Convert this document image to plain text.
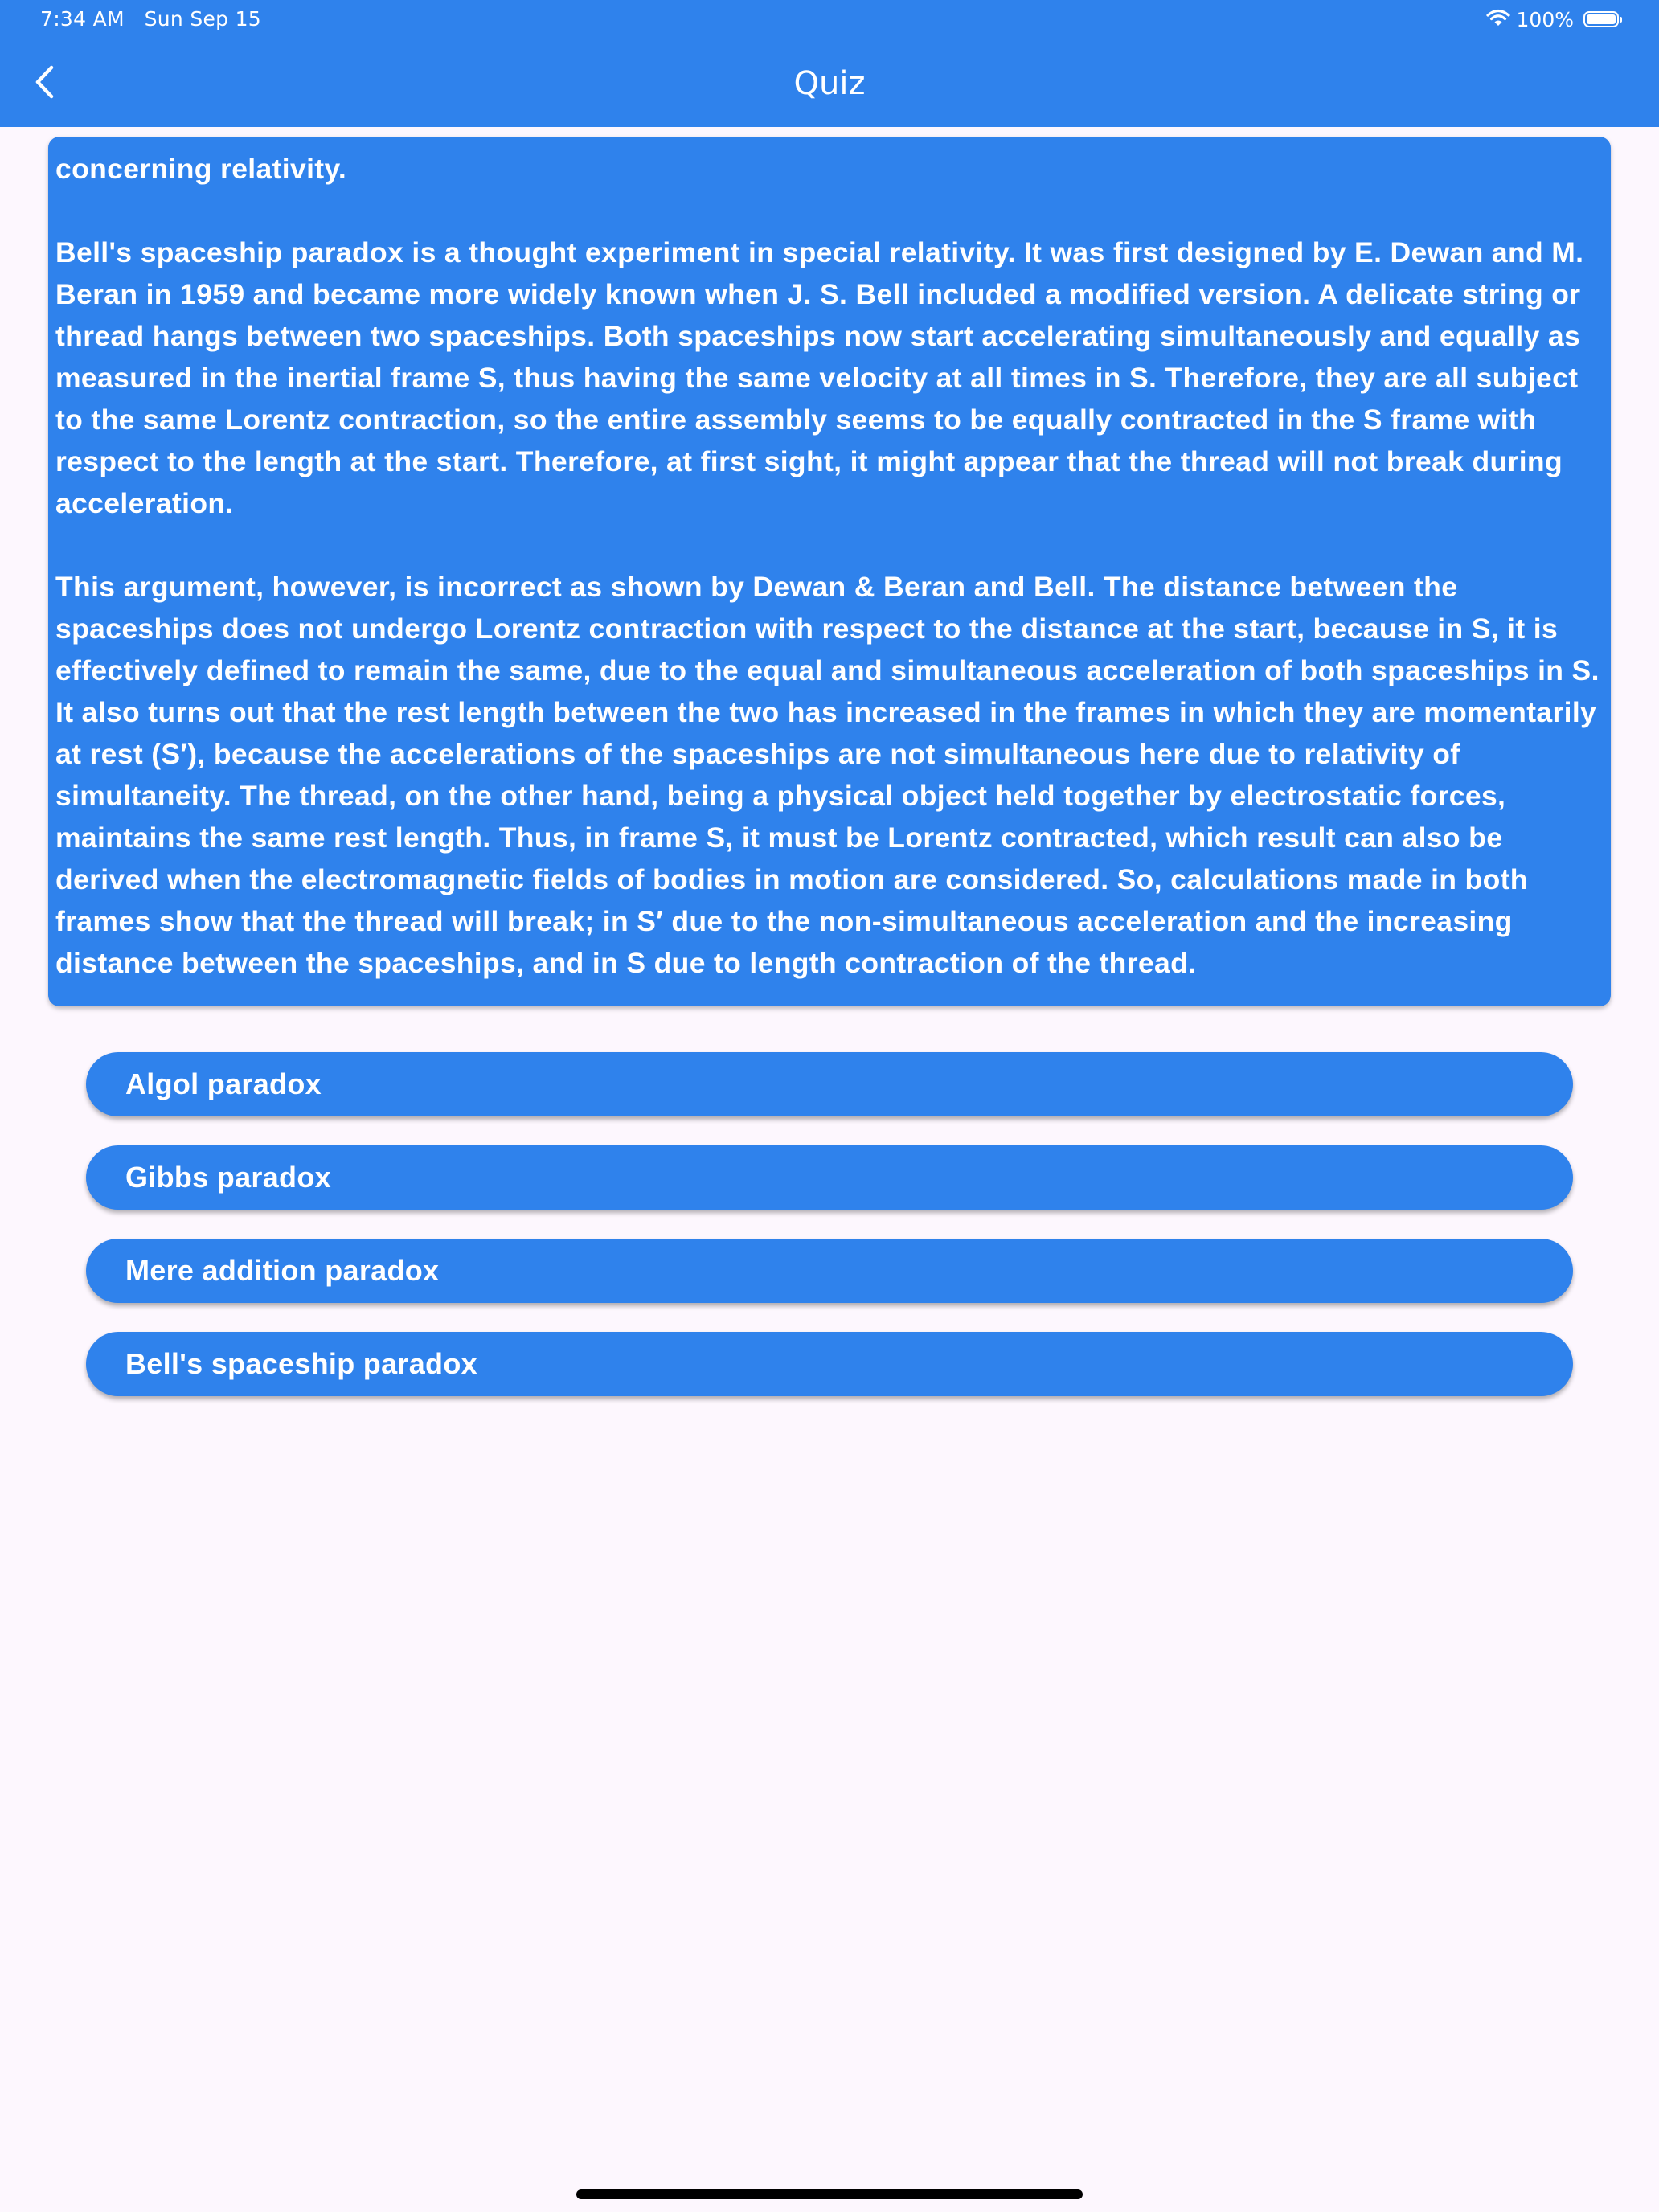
7:34 AM Sun Sep 15	100%
Quiz

concerning relativity.

Bell's spaceship paradox is a thought experiment in special relativity. It was first designed by E. Dewan and M. Beran in 1959 and became more widely known when J. S. Bell included a modified version. A delicate string or thread hangs between two spaceships. Both spaceships now start accelerating simultaneously and equally as measured in the inertial frame S, thus having the same velocity at all times in S. Therefore, they are all subject to the same Lorentz contraction, so the entire assembly seems to be equally contracted in the S frame with respect to the length at the start. Therefore, at first sight, it might appear that the thread will not break during acceleration.

This argument, however, is incorrect as shown by Dewan & Beran and Bell. The distance between the spaceships does not undergo Lorentz contraction with respect to the distance at the start, because in S, it is effectively defined to remain the same, due to the equal and simultaneous acceleration of both spaceships in S. It also turns out that the rest length between the two has increased in the frames in which they are momentarily at rest (S′), because the accelerations of the spaceships are not simultaneous here due to relativity of simultaneity. The thread, on the other hand, being a physical object held together by electrostatic forces, maintains the same rest length. Thus, in frame S, it must be Lorentz contracted, which result can also be derived when the electromagnetic fields of bodies in motion are considered. So, calculations made in both frames show that the thread will break; in S′ due to the non-simultaneous acceleration and the increasing distance between the spaceships, and in S due to length contraction of the thread.

Algol paradox
Gibbs paradox
Mere addition paradox
Bell's spaceship paradox
